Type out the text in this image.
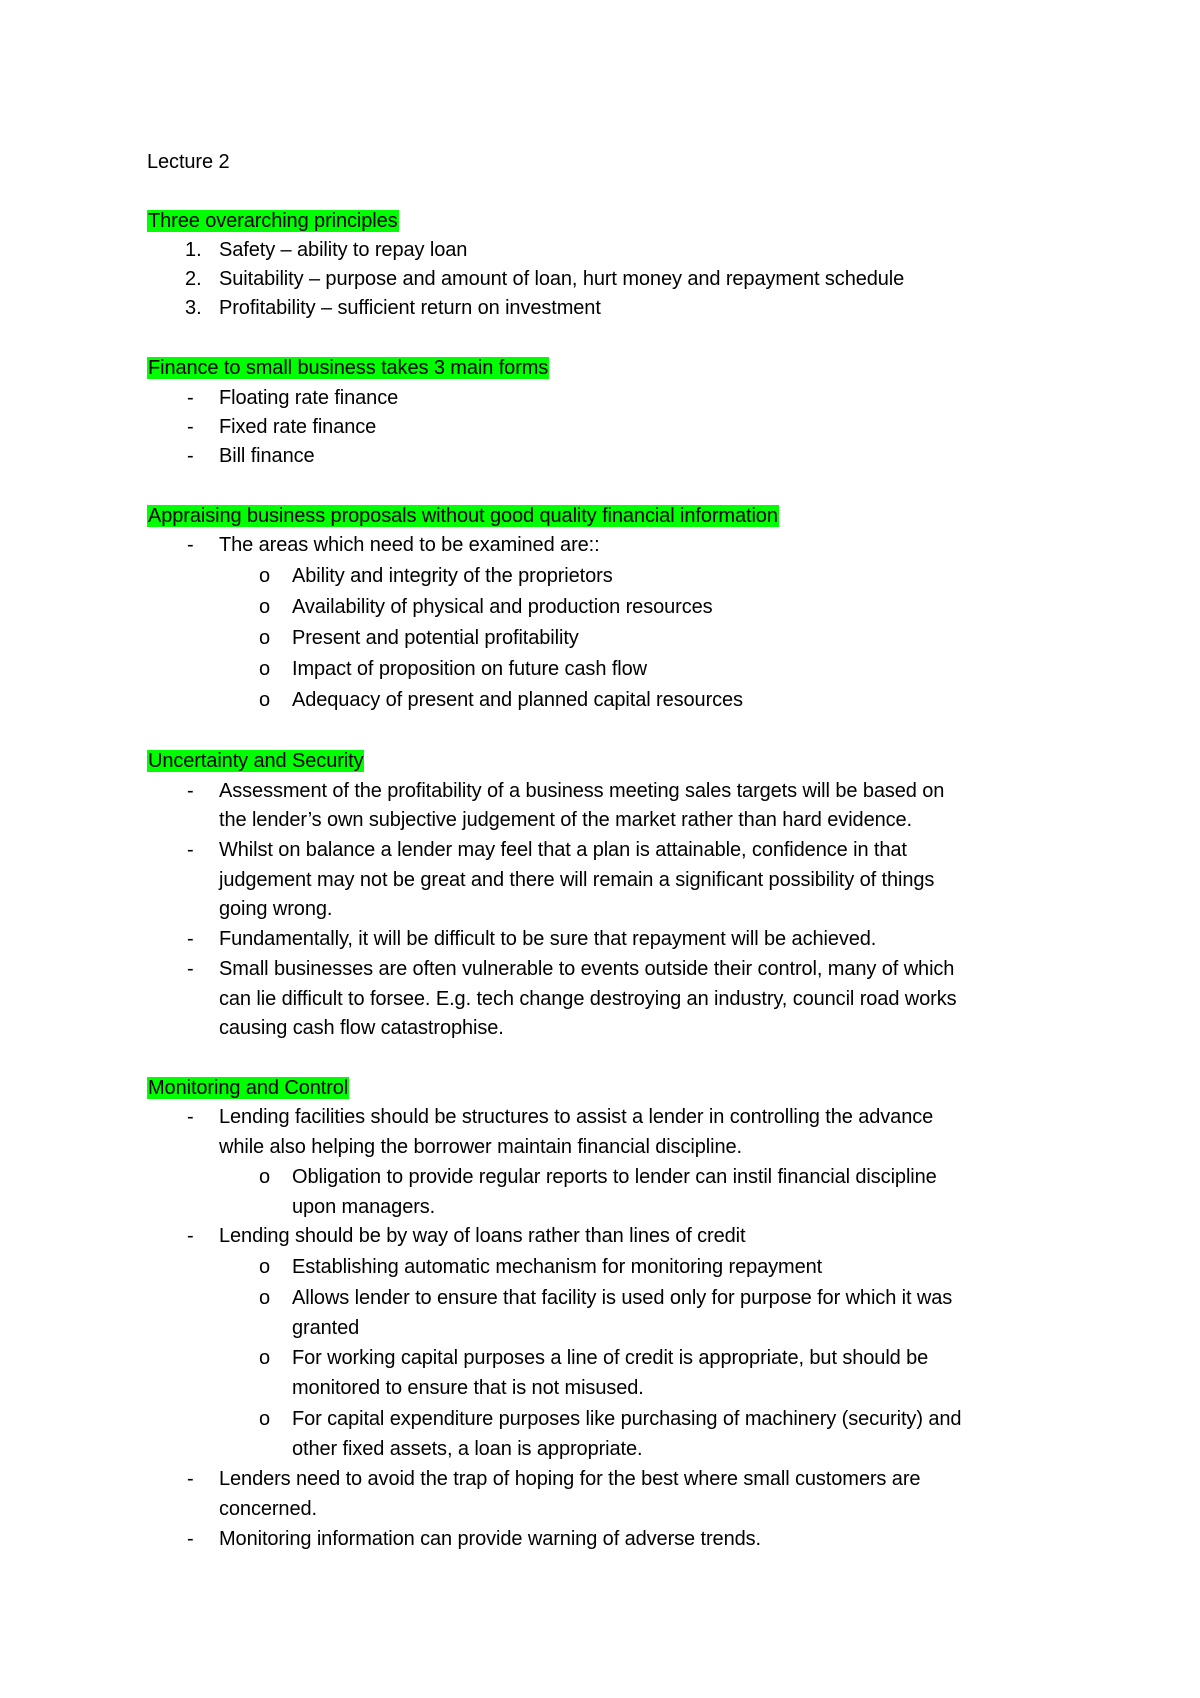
Lecture 2
Three overarching principles
1. Safety – ability to repay loan
2. Suitability – purpose and amount of loan, hurt money and repayment schedule
3. Profitability – sufficient return on investment
Finance to small business takes 3 main forms
- Floating rate finance
- Fixed rate finance
- Bill finance
Appraising business proposals without good quality financial information
- The areas which need to be examined are::
o Ability and integrity of the proprietors
o Availability of physical and production resources
o Present and potential profitability
o Impact of proposition on future cash flow
o Adequacy of present and planned capital resources
Uncertainty and Security
- Assessment of the profitability of a business meeting sales targets will be based on
the lender’s own subjective judgement of the market rather than hard evidence.
- Whilst on balance a lender may feel that a plan is attainable, confidence in that
judgement may not be great and there will remain a significant possibility of things
going wrong.
- Fundamentally, it will be difficult to be sure that repayment will be achieved.
- Small businesses are often vulnerable to events outside their control, many of which
can lie difficult to forsee. E.g. tech change destroying an industry, council road works
causing cash flow catastrophise.
Monitoring and Control
- Lending facilities should be structures to assist a lender in controlling the advance
while also helping the borrower maintain financial discipline.
o Obligation to provide regular reports to lender can instil financial discipline
upon managers.
- Lending should be by way of loans rather than lines of credit
o Establishing automatic mechanism for monitoring repayment
o Allows lender to ensure that facility is used only for purpose for which it was
granted
o For working capital purposes a line of credit is appropriate, but should be
monitored to ensure that is not misused.
o For capital expenditure purposes like purchasing of machinery (security) and
other fixed assets, a loan is appropriate.
- Lenders need to avoid the trap of hoping for the best where small customers are
concerned.
- Monitoring information can provide warning of adverse trends.
